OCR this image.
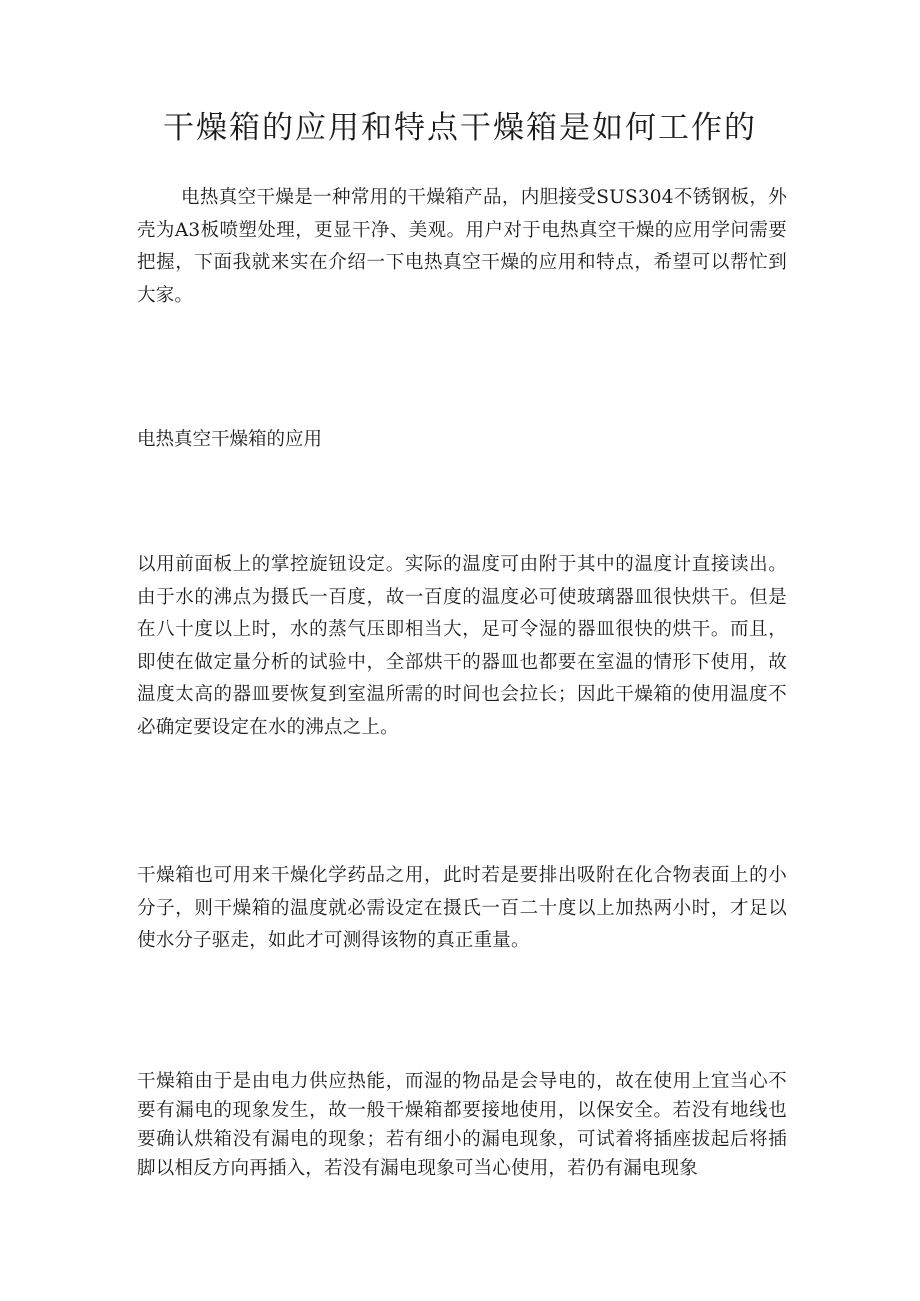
干燥箱的应用和特点干燥箱是如何工作的

电热真空干燥是一种常用的干燥箱产品，内胆接受SUS304不锈钢板，外壳为A3板喷塑处理，更显干净、美观。用户对于电热真空干燥的应用学问需要把握，下面我就来实在介绍一下电热真空干燥的应用和特点，希望可以帮忙到大家。

电热真空干燥箱的应用

以用前面板上的掌控旋钮设定。实际的温度可由附于其中的温度计直接读出。由于水的沸点为摄氏一百度，故一百度的温度必可使玻璃器皿很快烘干。但是在八十度以上时，水的蒸气压即相当大，足可令湿的器皿很快的烘干。而且，即使在做定量分析的试验中，全部烘干的器皿也都要在室温的情形下使用，故温度太高的器皿要恢复到室温所需的时间也会拉长；因此干燥箱的使用温度不必确定要设定在水的沸点之上。

干燥箱也可用来干燥化学药品之用，此时若是要排出吸附在化合物表面上的小分子，则干燥箱的温度就必需设定在摄氏一百二十度以上加热两小时，才足以使水分子驱走，如此才可测得该物的真正重量。

干燥箱由于是由电力供应热能，而湿的物品是会导电的，故在使用上宜当心不要有漏电的现象发生，故一般干燥箱都要接地使用，以保安全。若没有地线也要确认烘箱没有漏电的现象；若有细小的漏电现象，可试着将插座拔起后将插脚以相反方向再插入，若没有漏电现象可当心使用，若仍有漏电现象
